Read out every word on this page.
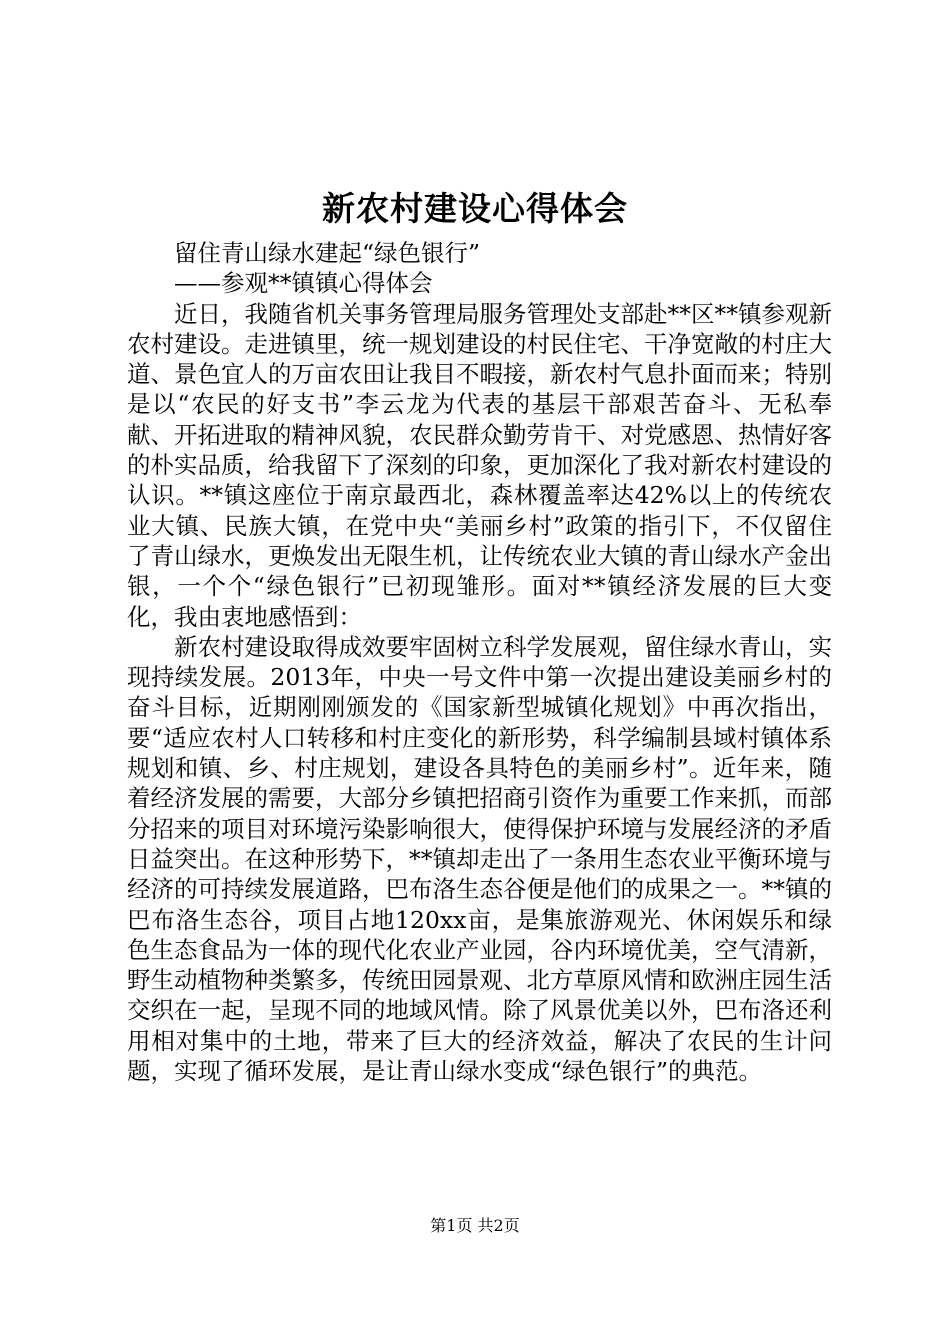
新农村建设心得体会

留住青山绿水建起“绿色银行”

——参观**镇镇心得体会

近日，我随省机关事务管理局服务管理处支部赴**区**镇参观新农村建设。走进镇里，统一规划建设的村民住宅、干净宽敞的村庄大道、景色宜人的万亩农田让我目不暇接，新农村气息扑面而来；特别是以“农民的好支书”李云龙为代表的基层干部艰苦奋斗、无私奉献、开拓进取的精神风貌，农民群众勤劳肯干、对党感恩、热情好客的朴实品质，给我留下了深刻的印象，更加深化了我对新农村建设的认识。**镇这座位于南京最西北，森林覆盖率达42%以上的传统农业大镇、民族大镇，在党中央“美丽乡村”政策的指引下，不仅留住了青山绿水，更焕发出无限生机，让传统农业大镇的青山绿水产金出银，一个个“绿色银行”已初现雏形。面对**镇经济发展的巨大变化，我由衷地感悟到：

新农村建设取得成效要牢固树立科学发展观，留住绿水青山，实现持续发展。2013年，中央一号文件中第一次提出建设美丽乡村的奋斗目标，近期刚刚颁发的《国家新型城镇化规划》中再次指出，要“适应农村人口转移和村庄变化的新形势，科学编制县域村镇体系规划和镇、乡、村庄规划，建设各具特色的美丽乡村”。近年来，随着经济发展的需要，大部分乡镇把招商引资作为重要工作来抓，而部分招来的项目对环境污染影响很大，使得保护环境与发展经济的矛盾日益突出。在这种形势下，**镇却走出了一条用生态农业平衡环境与经济的可持续发展道路，巴布洛生态谷便是他们的成果之一。**镇的巴布洛生态谷，项目占地120xx亩，是集旅游观光、休闲娱乐和绿色生态食品为一体的现代化农业产业园，谷内环境优美，空气清新，野生动植物种类繁多，传统田园景观、北方草原风情和欧洲庄园生活交织在一起，呈现不同的地域风情。除了风景优美以外，巴布洛还利用相对集中的土地，带来了巨大的经济效益，解决了农民的生计问题，实现了循环发展，是让青山绿水变成“绿色银行”的典范。

第1页 共2页
